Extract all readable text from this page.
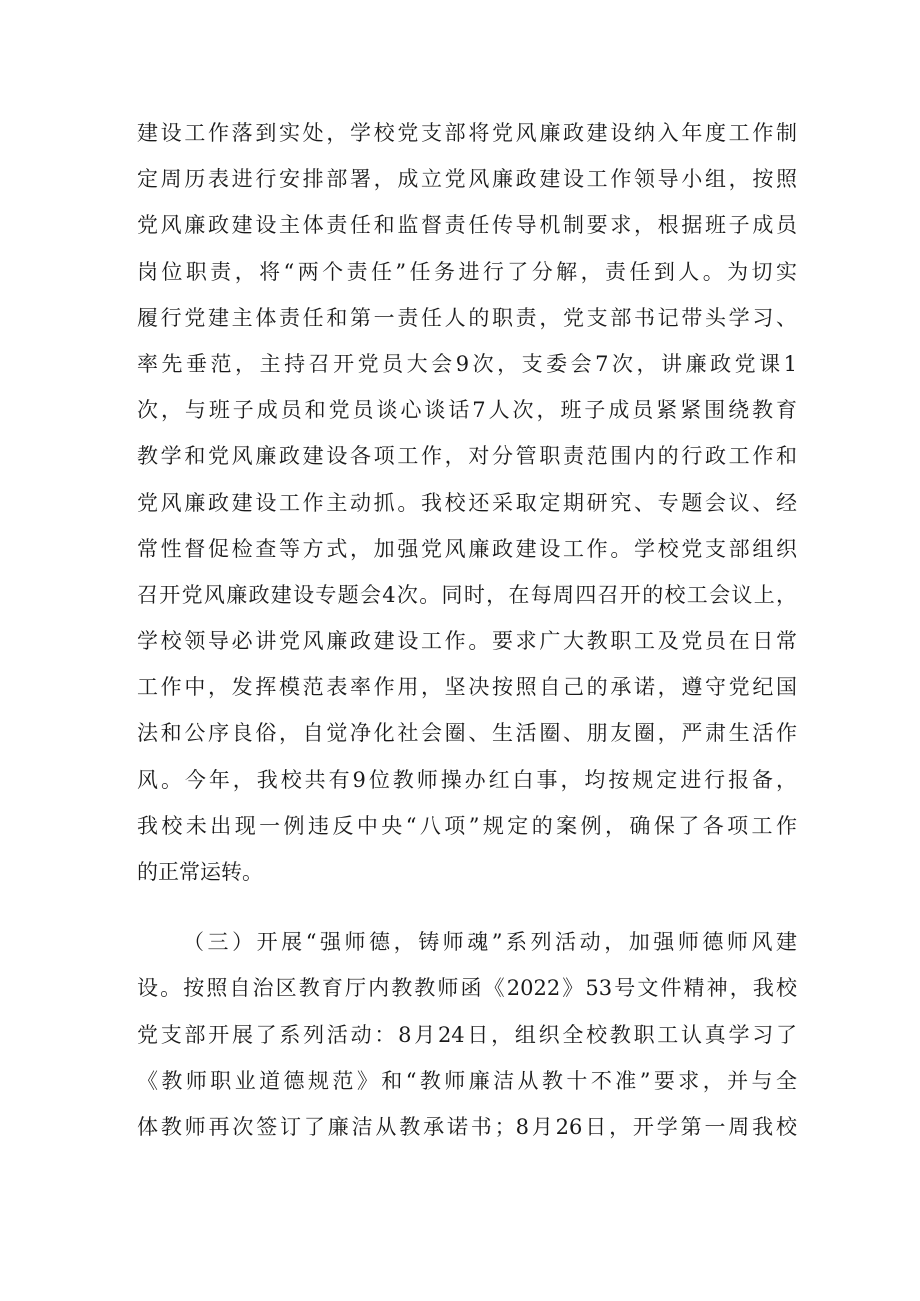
建设工作落到实处，学校党支部将党风廉政建设纳入年度工作制
定周历表进行安排部署，成立党风廉政建设工作领导小组，按照
党风廉政建设主体责任和监督责任传导机制要求，根据班子成员
岗位职责，将“两个责任”任务进行了分解，责任到人。为切实
履行党建主体责任和第一责任人的职责，党支部书记带头学习、
率先垂范，主持召开党员大会9次，支委会7次，讲廉政党课1
次，与班子成员和党员谈心谈话7人次，班子成员紧紧围绕教育
教学和党风廉政建设各项工作，对分管职责范围内的行政工作和
党风廉政建设工作主动抓。我校还采取定期研究、专题会议、经
常性督促检查等方式，加强党风廉政建设工作。学校党支部组织
召开党风廉政建设专题会4次。同时，在每周四召开的校工会议上，
学校领导必讲党风廉政建设工作。要求广大教职工及党员在日常
工作中，发挥模范表率作用，坚决按照自己的承诺，遵守党纪国
法和公序良俗，自觉净化社会圈、生活圈、朋友圈，严肃生活作
风。今年，我校共有9位教师操办红白事，均按规定进行报备，
我校未出现一例违反中央“八项”规定的案例，确保了各项工作
的正常运转。
（三）开展“强师德，铸师魂”系列活动，加强师德师风建
设。按照自治区教育厅内教教师函《2022》53号文件精神，我校
党支部开展了系列活动：8月24日，组织全校教职工认真学习了
《教师职业道德规范》和“教师廉洁从教十不准”要求，并与全
体教师再次签订了廉洁从教承诺书；8月26日，开学第一周我校
